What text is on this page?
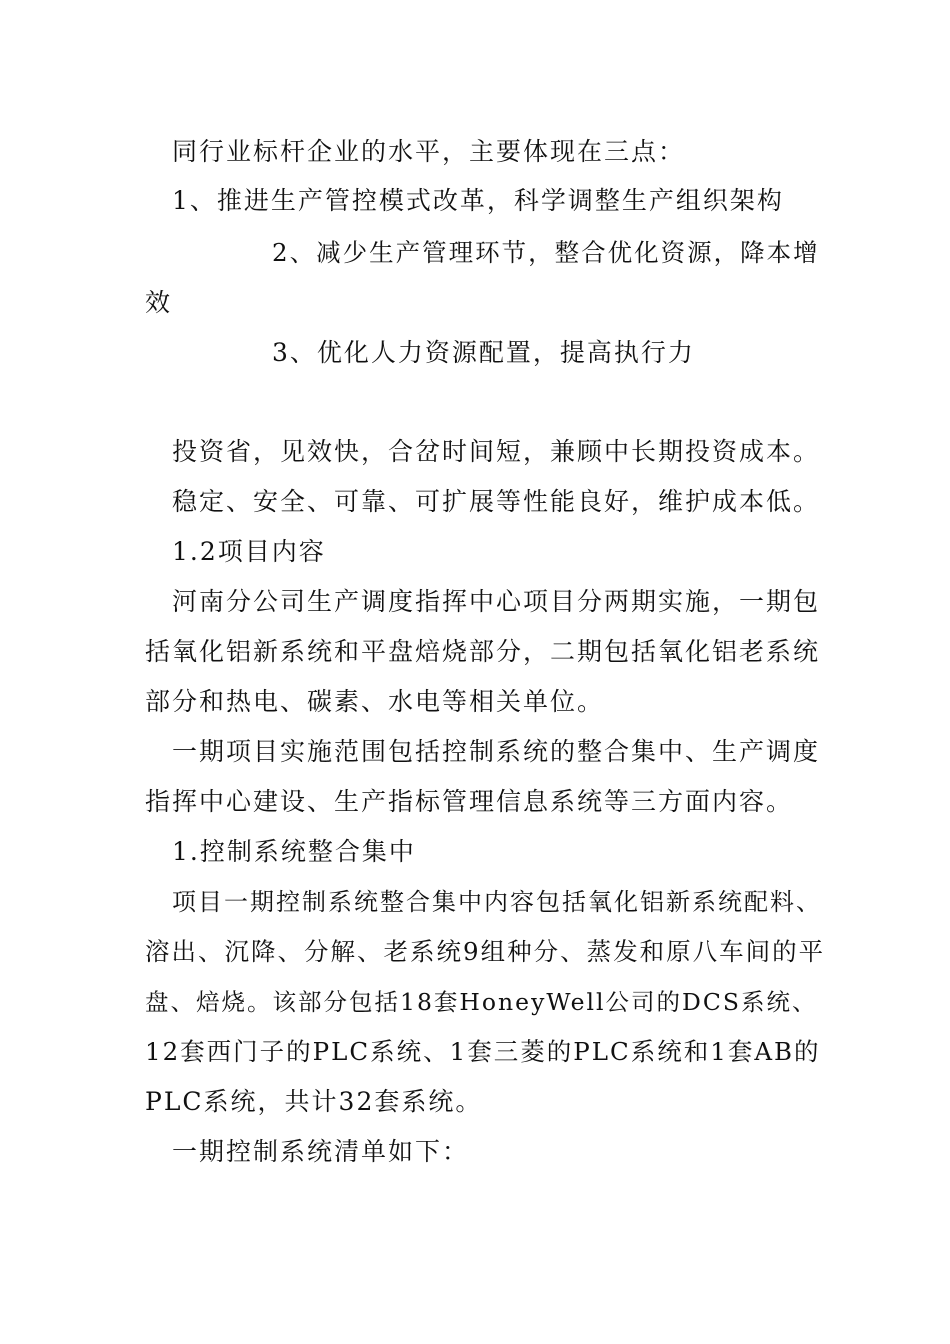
同行业标杆企业的水平，主要体现在三点：
1、推进生产管控模式改革，科学调整生产组织架构
2、减少生产管理环节，整合优化资源，降本增
效
3、优化人力资源配置，提高执行力
投资省，见效快，合岔时间短，兼顾中长期投资成本。
稳定、安全、可靠、可扩展等性能良好，维护成本低。
1.2项目内容
河南分公司生产调度指挥中心项目分两期实施，一期包
括氧化铝新系统和平盘焙烧部分，二期包括氧化铝老系统
部分和热电、碳素、水电等相关单位。
一期项目实施范围包括控制系统的整合集中、生产调度
指挥中心建设、生产指标管理信息系统等三方面内容。
1.控制系统整合集中
项目一期控制系统整合集中内容包括氧化铝新系统配料、
溶出、沉降、分解、老系统9组种分、蒸发和原八车间的平
盘、焙烧。该部分包括18套HoneyWell公司的DCS系统、
12套西门子的PLC系统、1套三菱的PLC系统和1套AB的
PLC系统，共计32套系统。
一期控制系统清单如下：
